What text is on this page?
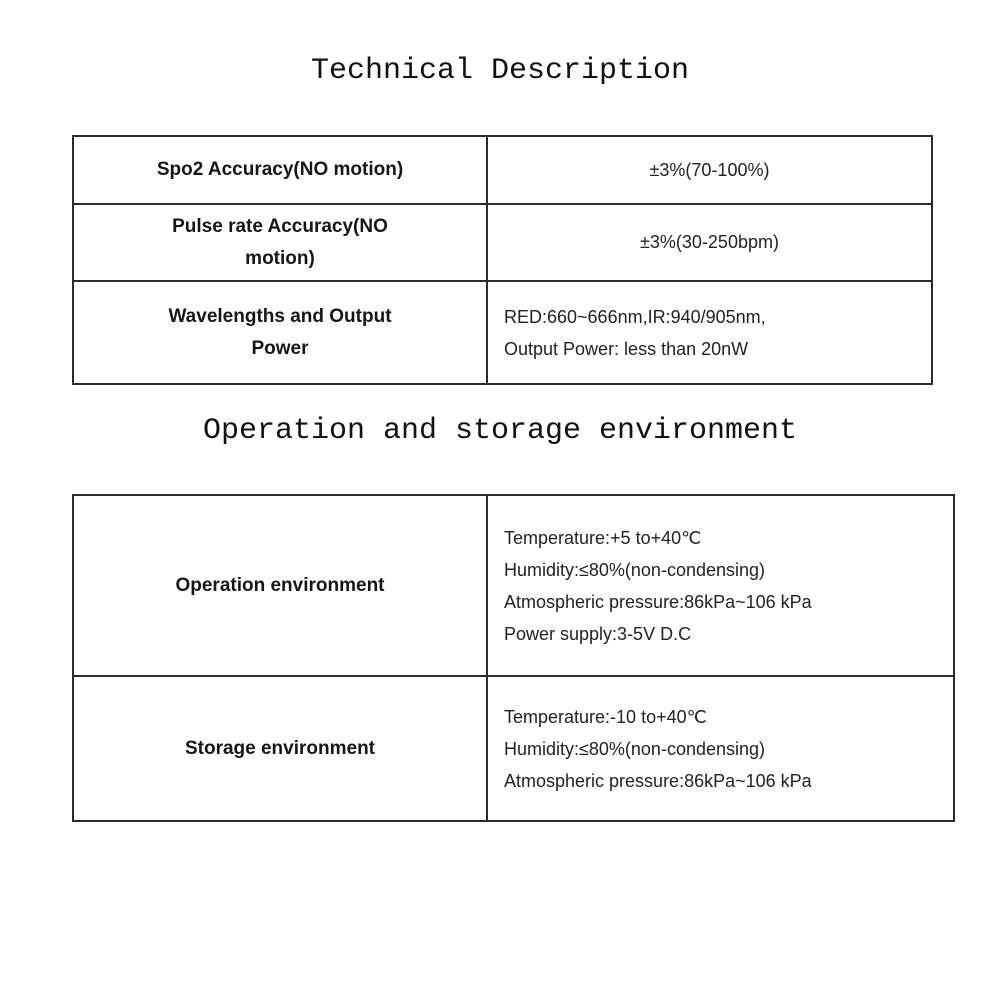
Technical Description
Spo2 Accuracy(NO motion)	±3%(70-100%)
Pulse rate Accuracy(NO motion)	±3%(30-250bpm)
Wavelengths and Output Power	RED:660~666nm,IR:940/905nm,
Output Power: less than 20nW
Operation and storage environment
Operation environment	Temperature:+5 to+40℃
Humidity:≤80%(non-condensing)
Atmospheric pressure:86kPa~106 kPa
Power supply:3-5V D.C

Storage environment	Temperature:-10 to+40℃
Humidity:≤80%(non-condensing)
Atmospheric pressure:86kPa~106 kPa
